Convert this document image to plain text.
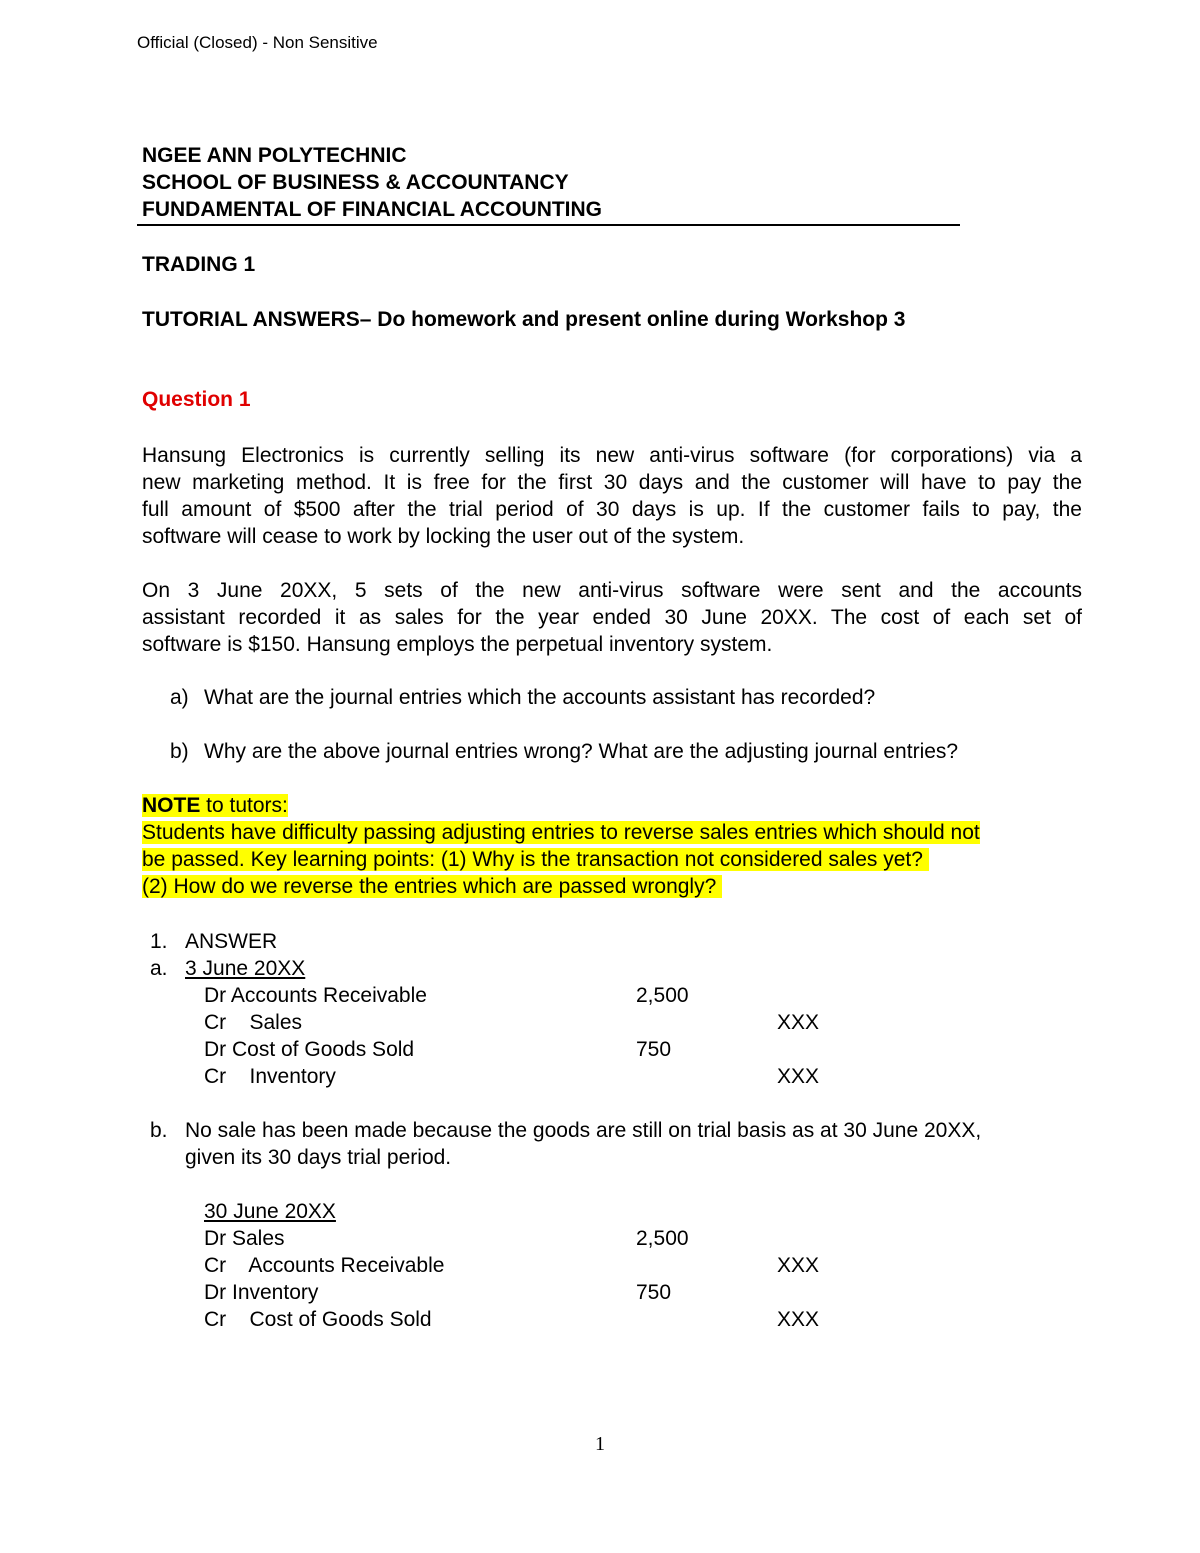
Official (Closed) - Non Sensitive
NGEE ANN POLYTECHNIC
SCHOOL OF BUSINESS & ACCOUNTANCY
FUNDAMENTAL OF FINANCIAL ACCOUNTING
TRADING 1
TUTORIAL ANSWERS– Do homework and present online during Workshop 3
Question 1
Hansung Electronics is currently selling its new anti-virus software (for corporations) via a
new marketing method. It is free for the first 30 days and the customer will have to pay the
full amount of $500 after the trial period of 30 days is up. If the customer fails to pay, the
software will cease to work by locking the user out of the system.
On 3 June 20XX, 5 sets of the new anti-virus software were sent and the accounts
assistant recorded it as sales for the year ended 30 June 20XX. The cost of each set of
software is $150. Hansung employs the perpetual inventory system.
a) What are the journal entries which the accounts assistant has recorded?
b) Why are the above journal entries wrong? What are the adjusting journal entries?
NOTE to tutors:
Students have difficulty passing adjusting entries to reverse sales entries which should not
be passed. Key learning points: (1) Why is the transaction not considered sales yet?
(2) How do we reverse the entries which are passed wrongly?
1. ANSWER
a. 3 June 20XX
Dr Accounts Receivable	2,500
Cr    Sales	XXX
Dr Cost of Goods Sold	750
Cr    Inventory	XXX
b. No sale has been made because the goods are still on trial basis as at 30 June 20XX,
given its 30 days trial period.
30 June 20XX
Dr Sales	2,500
Cr    Accounts Receivable	XXX
Dr Inventory	750
Cr    Cost of Goods Sold	XXX
1
